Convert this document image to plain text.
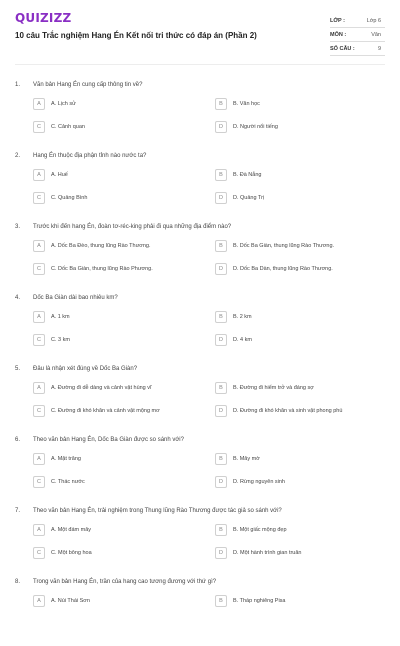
QUIZIZZ
10 câu Trắc nghiệm Hang Én Kết nối tri thức có đáp án (Phần 2)
LỚP :	Lớp 6
MÔN :	Văn
SỐ CÂU :	9
1. Văn bản Hang Én cung cấp thông tin về?
A	A. Lịch sử	B	B. Văn học
C	C. Cảnh quan	D	D. Người nổi tiếng
2. Hang Én thuộc địa phận tỉnh nào nước ta?
A	A. Huế	B	B. Đà Nẵng
C	C. Quảng Bình	D	D. Quảng Trị
3. Trước khi đến hang Én, đoàn tơ-réc-king phải đi qua những địa điểm nào?
A	A. Dốc Ba Đèo, thung lũng Rào Thương.	B	B. Dốc Ba Giàn, thung lũng Rào Thương.
C	C. Dốc Ba Giàn, thung lũng Rào Phương.	D	D. Dốc Ba Dàn, thung lũng Rào Thương.
4. Dốc Ba Giàn dài bao nhiêu km?
A	A. 1 km	B	B. 2 km
C	C. 3 km	D	D. 4 km
5. Đâu là nhận xét đúng về Dốc Ba Giàn?
A	A. Đường đi dễ dàng và cảnh vật hùng vĩ	B	B. Đường đi hiểm trở và đáng sợ
C	C. Đường đi khó khăn và cảnh vật mộng mơ	D	D. Đường đi khó khăn và sinh vật phong phú
6. Theo văn bản Hang Én, Dốc Ba Giàn được so sánh với?
A	A. Mặt trăng	B	B. Mây mờ
C	C. Thác nước	D	D. Rừng nguyên sinh
7. Theo văn bản Hang Én, trải nghiệm trong Thung lũng Rào Thương được tác giả so sánh với?
A	A. Một đám mây	B	B. Một giấc mộng đẹp
C	C. Một bông hoa	D	D. Một hành trình gian truân
8. Trong văn bản Hang Én, trần của hang cao tương đương với thứ gì?
A	A. Núi Thái Sơn	B	B. Tháp nghiêng Pisa
